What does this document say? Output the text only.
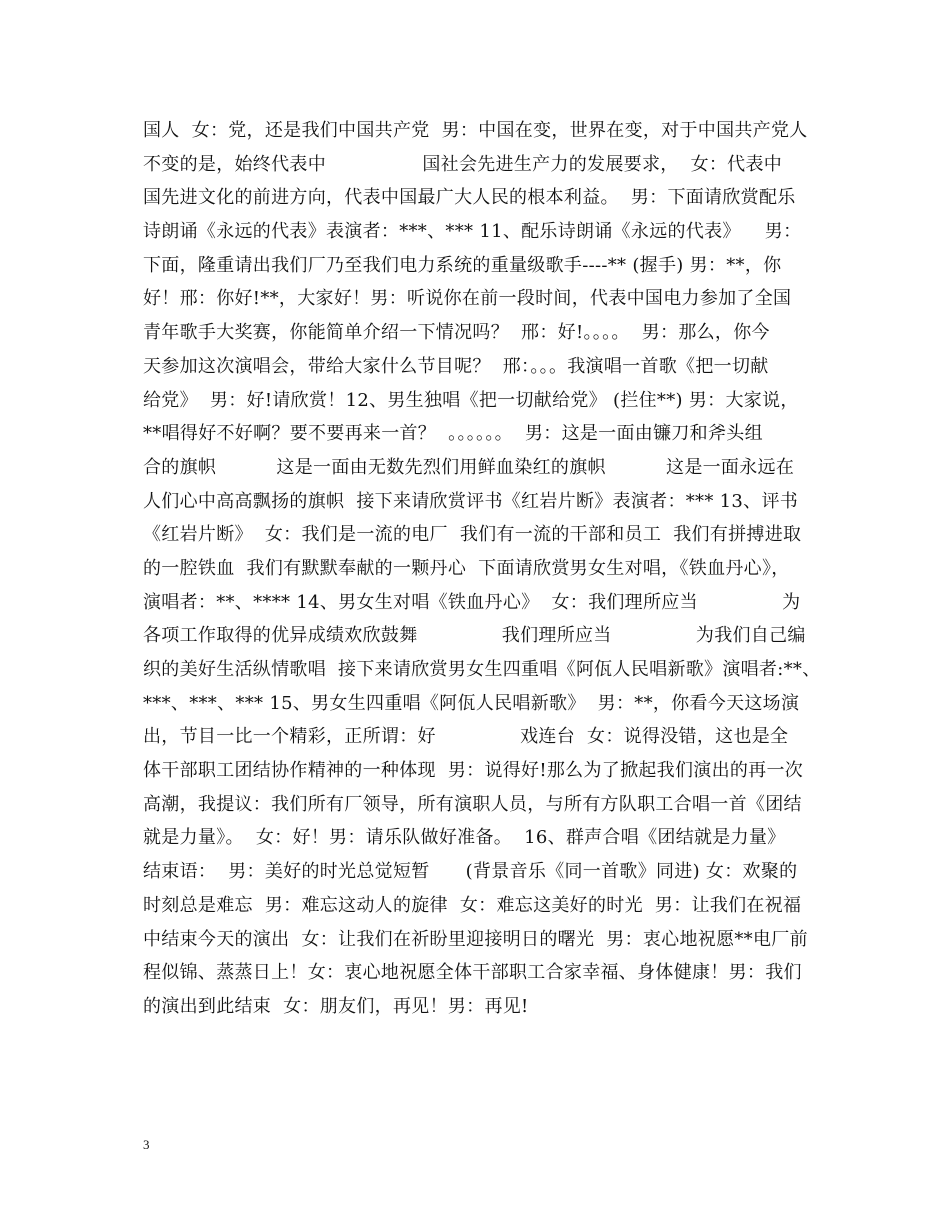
国人  女：党，还是我们中国共产党  男：中国在变，世界在变，对于中国共产党人
不变的是，始终代表中                国社会先进生产力的发展要求，  女：代表中
国先进文化的前进方向，代表中国最广大人民的根本利益。  男：下面请欣赏配乐
诗朗诵《永远的代表》表演者：***、*** 11、配乐诗朗诵《永远的代表》    男：
下面，隆重请出我们厂乃至我们电力系统的重量级歌手----** (握手) 男：**，你
好！邢：你好!**，大家好！男：听说你在前一段时间，代表中国电力参加了全国
青年歌手大奖赛，你能简单介绍一下情况吗？  邢：好!。。。。  男：那么，你今
天参加这次演唱会，带给大家什么节目呢？  邢：。。。我演唱一首歌《把一切献
给党》  男：好!请欣赏！12、男生独唱《把一切献给党》 (拦住**) 男：大家说，
**唱得好不好啊？要不要再来一首？  。。。。。。  男：这是一面由镰刀和斧头组
合的旗帜          这是一面由无数先烈们用鲜血染红的旗帜          这是一面永远在
人们心中高高飘扬的旗帜  接下来请欣赏评书《红岩片断》表演者：*** 13、评书
《红岩片断》  女：我们是一流的电厂  我们有一流的干部和员工  我们有拼搏进取
的一腔铁血  我们有默默奉献的一颗丹心  下面请欣赏男女生对唱，《铁血丹心》，
演唱者：**、**** 14、男女生对唱《铁血丹心》  女：我们理所应当              为
各项工作取得的优异成绩欢欣鼓舞              我们理所应当              为我们自己编
织的美好生活纵情歌唱  接下来请欣赏男女生四重唱《阿佤人民唱新歌》演唱者:**、
***、***、*** 15、男女生四重唱《阿佤人民唱新歌》  男：**，你看今天这场演
出，节目一比一个精彩，正所谓：好              戏连台  女：说得没错，这也是全
体干部职工团结协作精神的一种体现  男：说得好!那么为了掀起我们演出的再一次
高潮，我提议：我们所有厂领导，所有演职人员，与所有方队职工合唱一首《团结
就是力量》。  女：好！男：请乐队做好准备。  16、群声合唱《团结就是力量》
结束语：  男：美好的时光总觉短暂      (背景音乐《同一首歌》同进) 女：欢聚的
时刻总是难忘  男：难忘这动人的旋律  女：难忘这美好的时光  男：让我们在祝福
中结束今天的演出  女：让我们在祈盼里迎接明日的曙光  男：衷心地祝愿**电厂前
程似锦、蒸蒸日上！女：衷心地祝愿全体干部职工合家幸福、身体健康！男：我们
的演出到此结束  女：朋友们，再见！男：再见!
3
